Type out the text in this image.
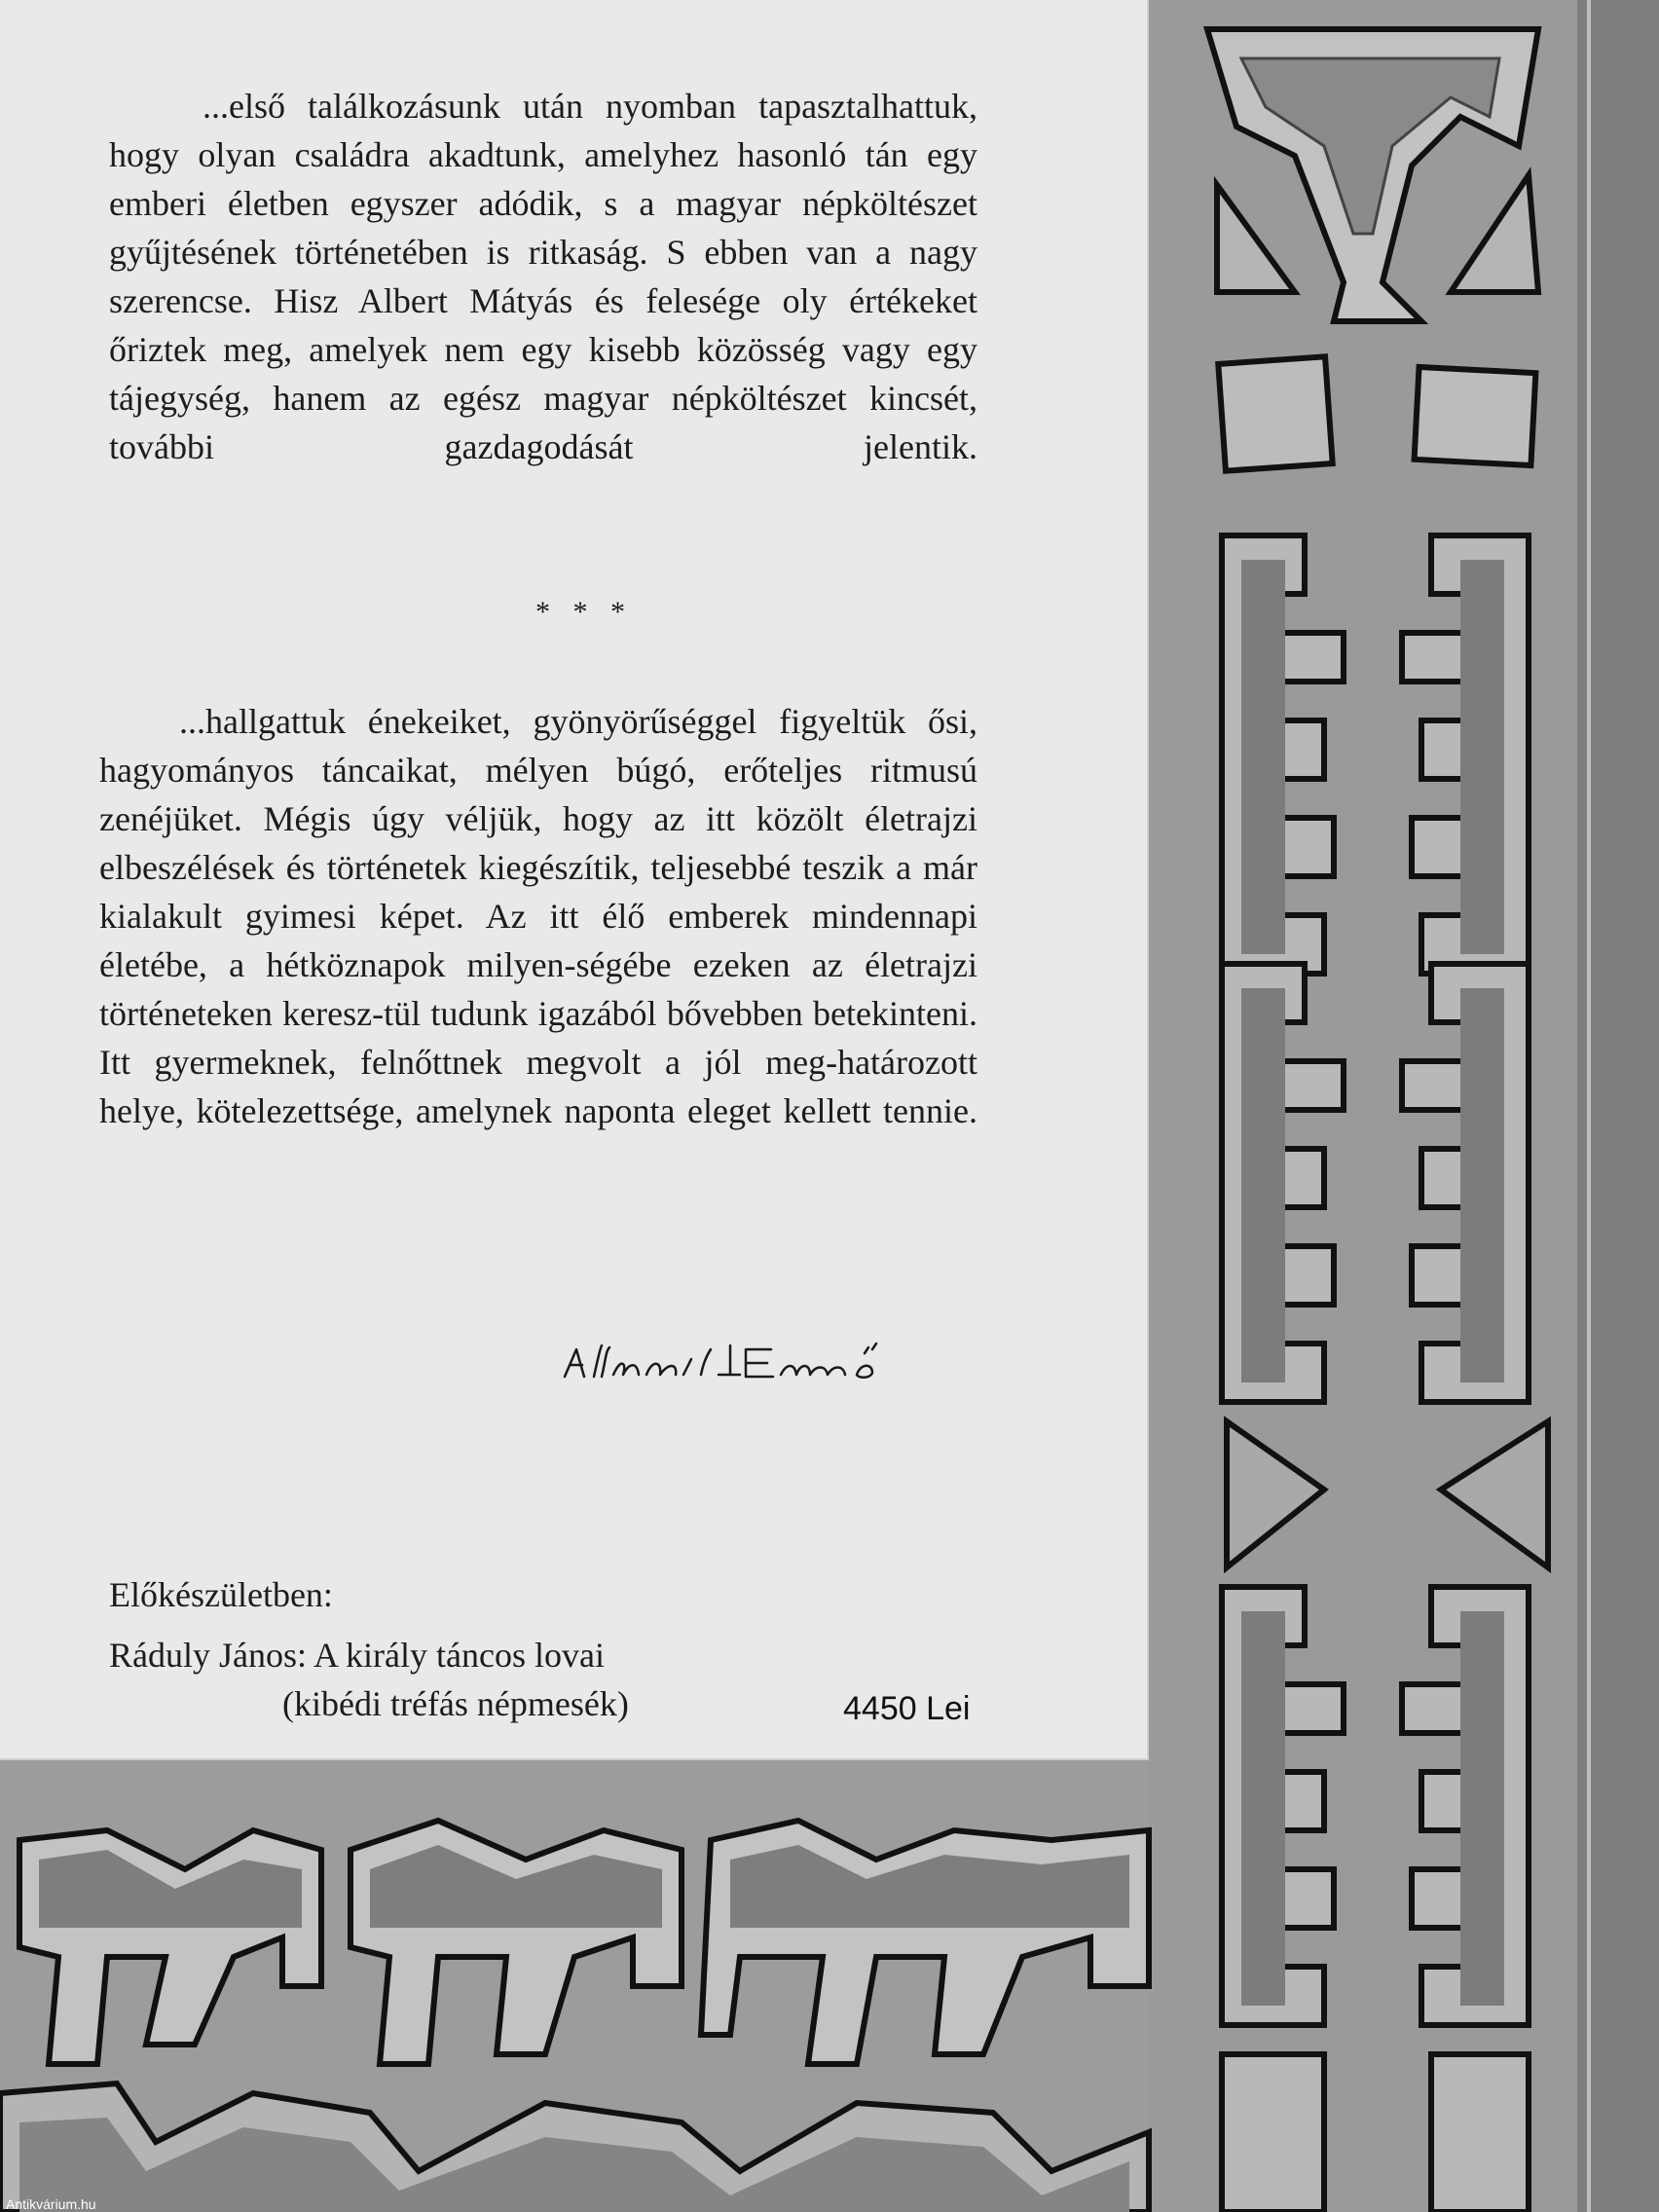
...első találkozásunk után nyomban tapasztalhattuk, hogy olyan családra akadtunk, amelyhez hasonló tán egy emberi életben egyszer adódik, s a magyar népköltészet gyűjtésének történetében is ritkaság. S ebben van a nagy szerencse. Hisz Albert Mátyás és felesége oly értékeket őriztek meg, amelyek nem egy kisebb közösség vagy egy tájegység, hanem az egész magyar népköltészet kincsét, további gazdagodását jelentik.

* * *

...hallgattuk énekeiket, gyönyörűséggel figyeltük ősi, hagyományos táncaikat, mélyen búgó, erőteljes ritmusú zenéjüket. Mégis úgy véljük, hogy az itt közölt életrajzi elbeszélések és történetek kiegészítik, teljesebbé teszik a már kialakult gyimesi képet. Az itt élő emberek mindennapi életébe, a hétköznapok milyen-ségébe ezeken az életrajzi történeteken keresz-tül tudunk igazából bővebben betekinteni. Itt gyermeknek, felnőttnek megvolt a jól meg-határozott helye, kötelezettsége, amelynek naponta eleget kellett tennie.

Előkészületben:

Ráduly János: A király táncos lovai

(kibédi tréfás népmesék)	4450 Lei
Antikvárium.hu
